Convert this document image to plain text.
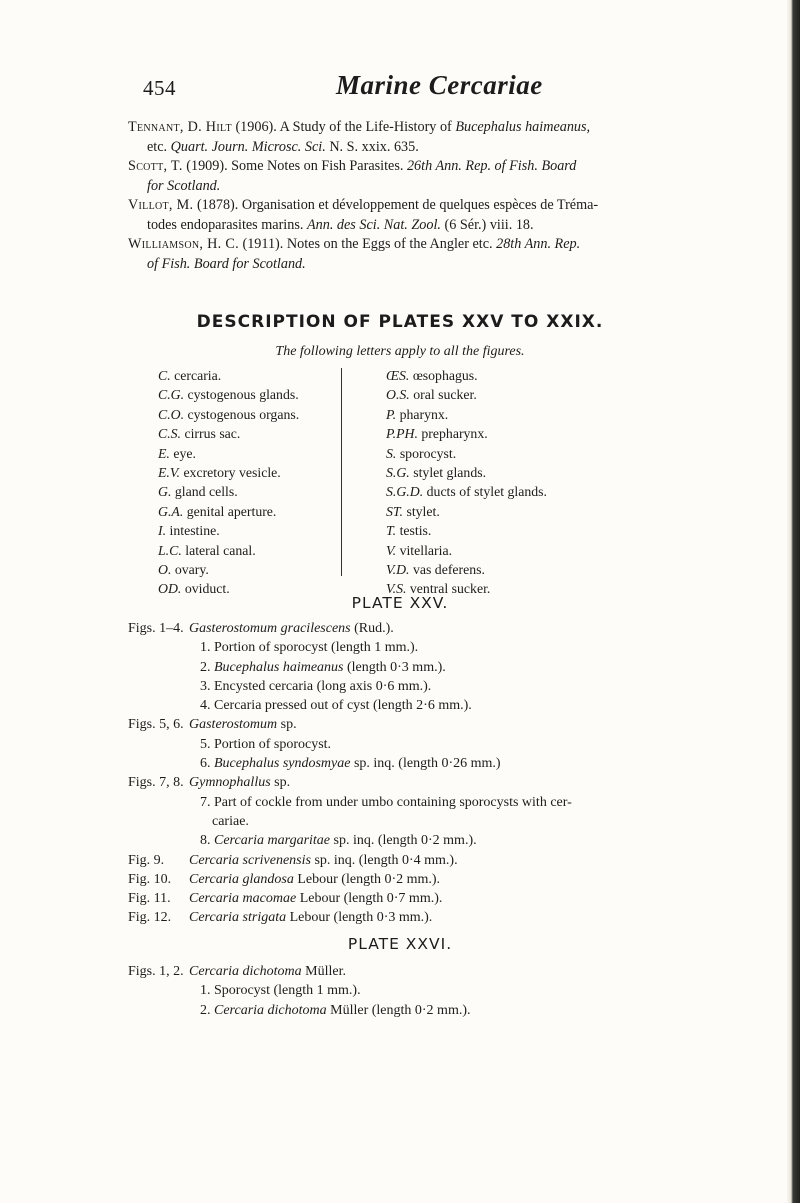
454	Marine Cercariae

Tennant, D. Hilt (1906). A Study of the Life-History of Bucephalus haimeanus,
etc. Quart. Journ. Microsc. Sci. N. S. xxix. 635.

Scott, T. (1909). Some Notes on Fish Parasites. 26th Ann. Rep. of Fish. Board
for Scotland.

Villot, M. (1878). Organisation et développement de quelques espèces de Tréma-
todes endoparasites marins. Ann. des Sci. Nat. Zool. (6 Sér.) viii. 18.

Williamson, H. C. (1911). Notes on the Eggs of the Angler etc. 28th Ann. Rep.
of Fish. Board for Scotland.

DESCRIPTION OF PLATES XXV TO XXIX.
The following letters apply to all the figures.
C. cercaria.
C.G. cystogenous glands.
C.O. cystogenous organs.
C.S. cirrus sac.
E. eye.
E.V. excretory vesicle.
G. gland cells.
G.A. genital aperture.
I. intestine.
L.C. lateral canal.
O. ovary.
OD. oviduct.
ŒS. œsophagus.
O.S. oral sucker.
P. pharynx.
P.PH. prepharynx.
S. sporocyst.
S.G. stylet glands.
S.G.D. ducts of stylet glands.
ST. stylet.
T. testis.
V. vitellaria.
V.D. vas deferens.
V.S. ventral sucker.
PLATE XXV.
Figs. 1–4. Gasterostomum gracilescens (Rud.).
1. Portion of sporocyst (length 1 mm.).
2. Bucephalus haimeanus (length 0·3 mm.).
3. Encysted cercaria (long axis 0·6 mm.).
4. Cercaria pressed out of cyst (length 2·6 mm.).
Figs. 5, 6. Gasterostomum sp.
5. Portion of sporocyst.
6. Bucephalus syndosmyae sp. inq. (length 0·26 mm.)
Figs. 7, 8. Gymnophallus sp.
7. Part of cockle from under umbo containing sporocysts with cer-
cariae.
8. Cercaria margaritae sp. inq. (length 0·2 mm.).
Fig. 9. Cercaria scrivenensis sp. inq. (length 0·4 mm.).
Fig. 10. Cercaria glandosa Lebour (length 0·2 mm.).
Fig. 11. Cercaria macomae Lebour (length 0·7 mm.).
Fig. 12. Cercaria strigata Lebour (length 0·3 mm.).
PLATE XXVI.
Figs. 1, 2. Cercaria dichotoma Müller.
1. Sporocyst (length 1 mm.).
2. Cercaria dichotoma Müller (length 0·2 mm.).
